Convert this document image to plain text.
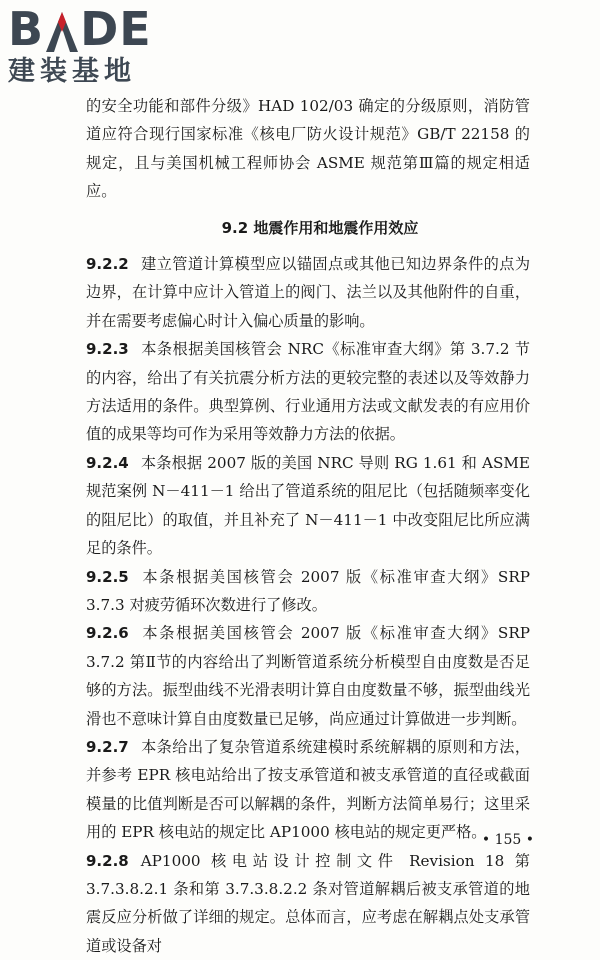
B DE
建装基地

的安全功能和部件分级》HAD 102/03 确定的分级原则，消防管道应符合现行国家标准《核电厂防火设计规范》GB/T 22158 的规定，且与美国机械工程师协会 ASME 规范第Ⅲ篇的规定相适应。

9.2 地震作用和地震作用效应

9.2.2 建立管道计算模型应以锚固点或其他已知边界条件的点为边界，在计算中应计入管道上的阀门、法兰以及其他附件的自重，并在需要考虑偏心时计入偏心质量的影响。

9.2.3 本条根据美国核管会 NRC《标准审查大纲》第 3.7.2 节的内容，给出了有关抗震分析方法的更较完整的表述以及等效静力方法适用的条件。典型算例、行业通用方法或文献发表的有应用价值的成果等均可作为采用等效静力方法的依据。

9.2.4 本条根据 2007 版的美国 NRC 导则 RG 1.61 和 ASME 规范案例 N－411－1 给出了管道系统的阻尼比（包括随频率变化的阻尼比）的取值，并且补充了 N－411－1 中改变阻尼比所应满足的条件。

9.2.5 本条根据美国核管会 2007 版《标准审查大纲》SRP 3.7.3 对疲劳循环次数进行了修改。

9.2.6 本条根据美国核管会 2007 版《标准审查大纲》SRP 3.7.2 第Ⅱ节的内容给出了判断管道系统分析模型自由度数是否足够的方法。振型曲线不光滑表明计算自由度数量不够，振型曲线光滑也不意味计算自由度数量已足够，尚应通过计算做进一步判断。

9.2.7 本条给出了复杂管道系统建模时系统解耦的原则和方法，并参考 EPR 核电站给出了按支承管道和被支承管道的直径或截面模量的比值判断是否可以解耦的条件，判断方法简单易行；这里采用的 EPR 核电站的规定比 AP1000 核电站的规定更严格。

9.2.8 AP1000 核电站设计控制文件 Revision 18 第 3.7.3.8.2.1 条和第 3.7.3.8.2.2 条对管道解耦后被支承管道的地震反应分析做了详细的规定。总体而言，应考虑在解耦点处支承管道或设备对

• 155 •
